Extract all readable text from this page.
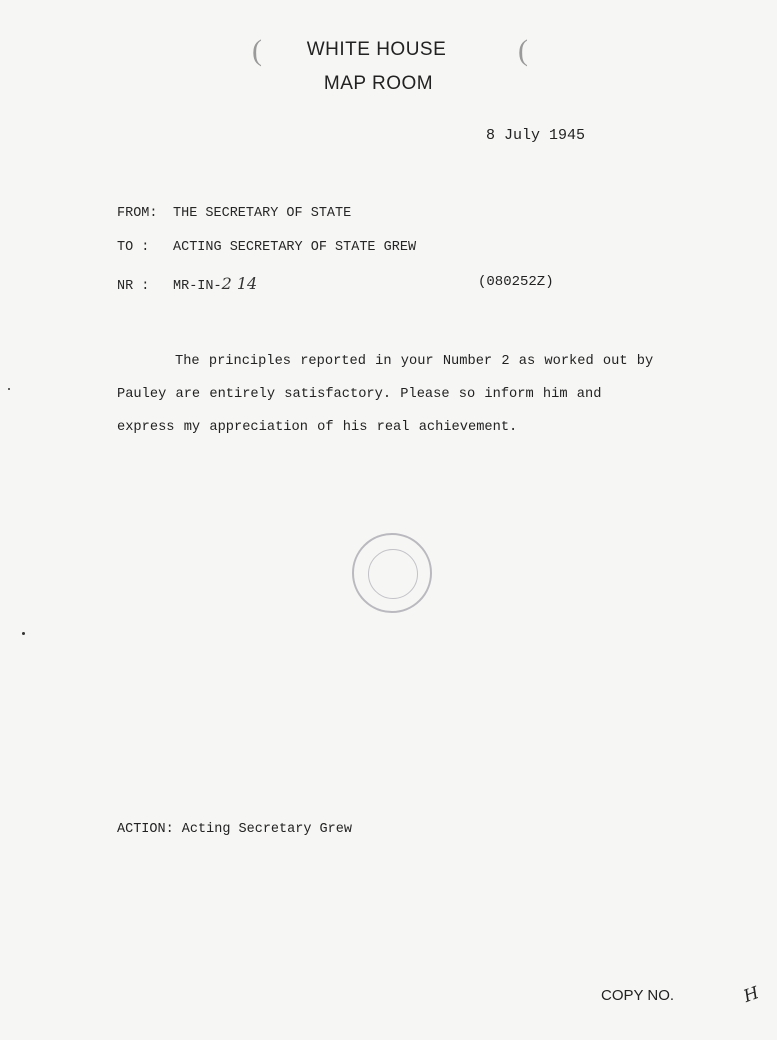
(	(
WHITE HOUSE
MAP ROOM
8 July 1945
FROM: THE SECRETARY OF STATE
TO : ACTING SECRETARY OF STATE GREW
NR : MR-IN-2 14	(080252Z)
The principles reported in your Number 2 as worked out by Pauley are entirely satisfactory. Please so inform him and express my appreciation of his real achievement.
ACTION: Acting Secretary Grew
COPY NO.	H
